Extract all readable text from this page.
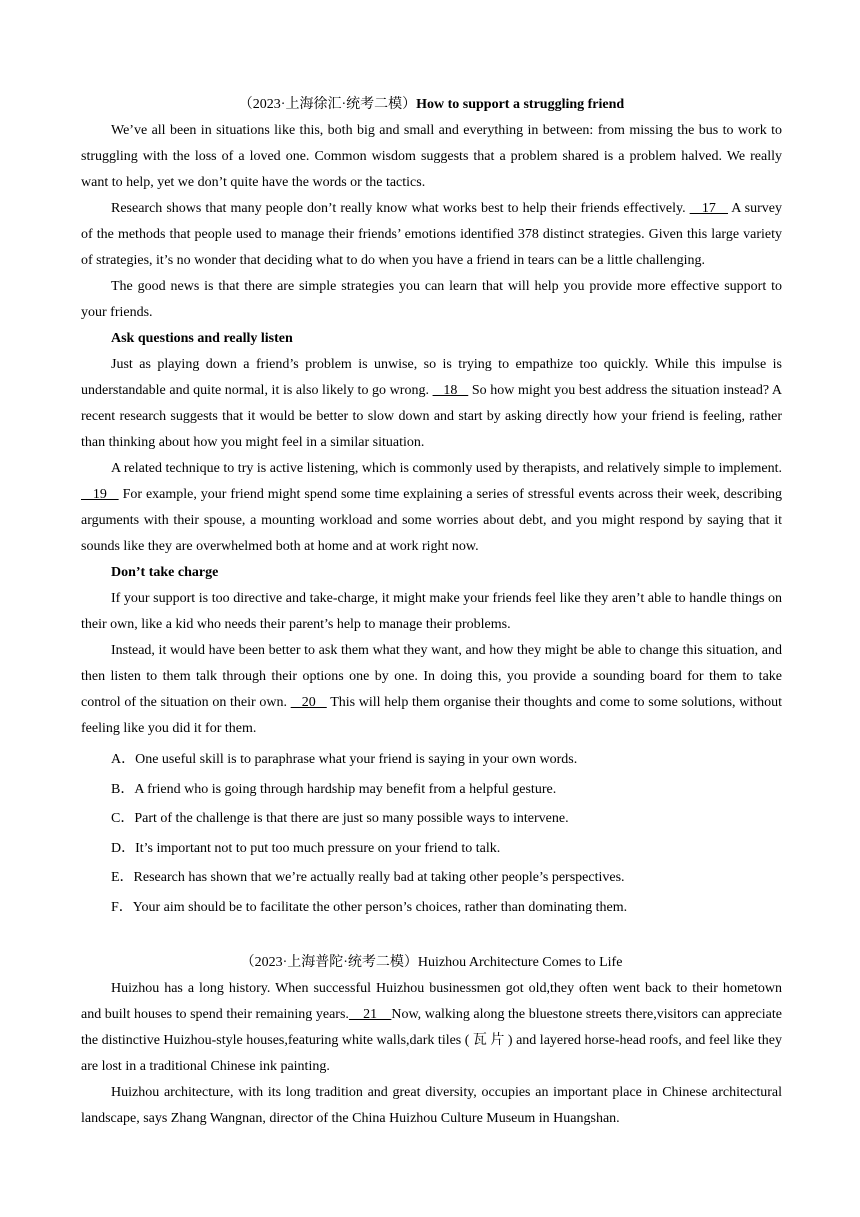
（2023·上海徐汇·统考二模）How to support a struggling friend

We’ve all been in situations like this, both big and small and everything in between: from missing the bus to work to struggling with the loss of a loved one. Common wisdom suggests that a problem shared is a problem halved. We really want to help, yet we don’t quite have the words or the tactics.

Research shows that many people don’t really know what works best to help their friends effectively.    17    A survey of the methods that people used to manage their friends’ emotions identified 378 distinct strategies. Given this large variety of strategies, it’s no wonder that deciding what to do when you have a friend in tears can be a little challenging.

The good news is that there are simple strategies you can learn that will help you provide more effective support to your friends.

Ask questions and really listen

Just as playing down a friend’s problem is unwise, so is trying to empathize too quickly. While this impulse is understandable and quite normal, it is also likely to go wrong.    18    So how might you best address the situation instead? A recent research suggests that it would be better to slow down and start by asking directly how your friend is feeling, rather than thinking about how you might feel in a similar situation.

A related technique to try is active listening, which is commonly used by therapists, and relatively simple to implement.    19    For example, your friend might spend some time explaining a series of stressful events across their week, describing arguments with their spouse, a mounting workload and some worries about debt, and you might respond by saying that it sounds like they are overwhelmed both at home and at work right now.

Don’t take charge

If your support is too directive and take-charge, it might make your friends feel like they aren’t able to handle things on their own, like a kid who needs their parent’s help to manage their problems.

Instead, it would have been better to ask them what they want, and how they might be able to change this situation, and then listen to them talk through their options one by one. In doing this, you provide a sounding board for them to take control of the situation on their own.    20    This will help them organise their thoughts and come to some solutions, without feeling like you did it for them.

A．One useful skill is to paraphrase what your friend is saying in your own words.

B．A friend who is going through hardship may benefit from a helpful gesture.

C．Part of the challenge is that there are just so many possible ways to intervene.

D．It’s important not to put too much pressure on your friend to talk.

E．Research has shown that we’re actually really bad at taking other people’s perspectives.

F．Your aim should be to facilitate the other person’s choices, rather than dominating them.

（2023·上海普陀·统考二模）Huizhou Architecture Comes to Life

Huizhou has a long history. When successful Huizhou businessmen got old,they often went back to their hometown and built houses to spend their remaining years.    21    Now, walking along the bluestone streets there,visitors can appreciate the distinctive Huizhou-style houses,featuring white walls,dark tiles ( 瓦 片 ) and layered horse-head roofs, and feel like they are lost in a traditional Chinese ink painting.

Huizhou architecture, with its long tradition and great diversity, occupies an important place in Chinese architectural landscape, says Zhang Wangnan, director of the China Huizhou Culture Museum in Huangshan.
